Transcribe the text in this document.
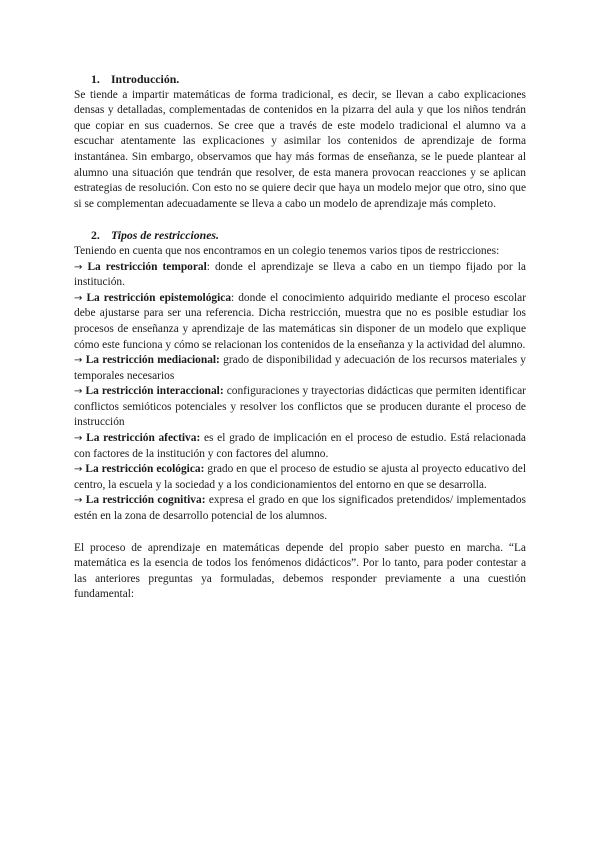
1. Introducción.

Se tiende a impartir matemáticas de forma tradicional, es decir, se llevan a cabo explicaciones densas y detalladas, complementadas de contenidos en la pizarra del aula y que los niños tendrán que copiar en sus cuadernos. Se cree que a través de este modelo tradicional el alumno va a escuchar atentamente las explicaciones y asimilar los contenidos de aprendizaje de forma instantánea. Sin embargo, observamos que hay más formas de enseñanza, se le puede plantear al alumno una situación que tendrán que resolver, de esta manera provocan reacciones y se aplican estrategias de resolución. Con esto no se quiere decir que haya un modelo mejor que otro, sino que si se complementan adecuadamente se lleva a cabo un modelo de aprendizaje más completo.

2. Tipos de restricciones.

Teniendo en cuenta que nos encontramos en un colegio tenemos varios tipos de restricciones:

→ La restricción temporal: donde el aprendizaje se lleva a cabo en un tiempo fijado por la institución.

→ La restricción epistemológica: donde el conocimiento adquirido mediante el proceso escolar debe ajustarse para ser una referencia. Dicha restricción, muestra que no es posible estudiar los procesos de enseñanza y aprendizaje de las matemáticas sin disponer de un modelo que explique cómo este funciona y cómo se relacionan los contenidos de la enseñanza y la actividad del alumno.

→ La restricción mediacional: grado de disponibilidad y adecuación de los recursos materiales y temporales necesarios

→ La restricción interaccional: configuraciones y trayectorias didácticas que permiten identificar conflictos semióticos potenciales y resolver los conflictos que se producen durante el proceso de instrucción

→ La restricción afectiva: es el grado de implicación en el proceso de estudio. Está relacionada con factores de la institución y con factores del alumno.

→ La restricción ecológica: grado en que el proceso de estudio se ajusta al proyecto educativo del centro, la escuela y la sociedad y a los condicionamientos del entorno en que se desarrolla.

→ La restricción cognitiva: expresa el grado en que los significados pretendidos/ implementados estén en la zona de desarrollo potencial de los alumnos.

El proceso de aprendizaje en matemáticas depende del propio saber puesto en marcha. “La matemática es la esencia de todos los fenómenos didácticos”. Por lo tanto, para poder contestar a las anteriores preguntas ya formuladas, debemos responder previamente a una cuestión fundamental:
